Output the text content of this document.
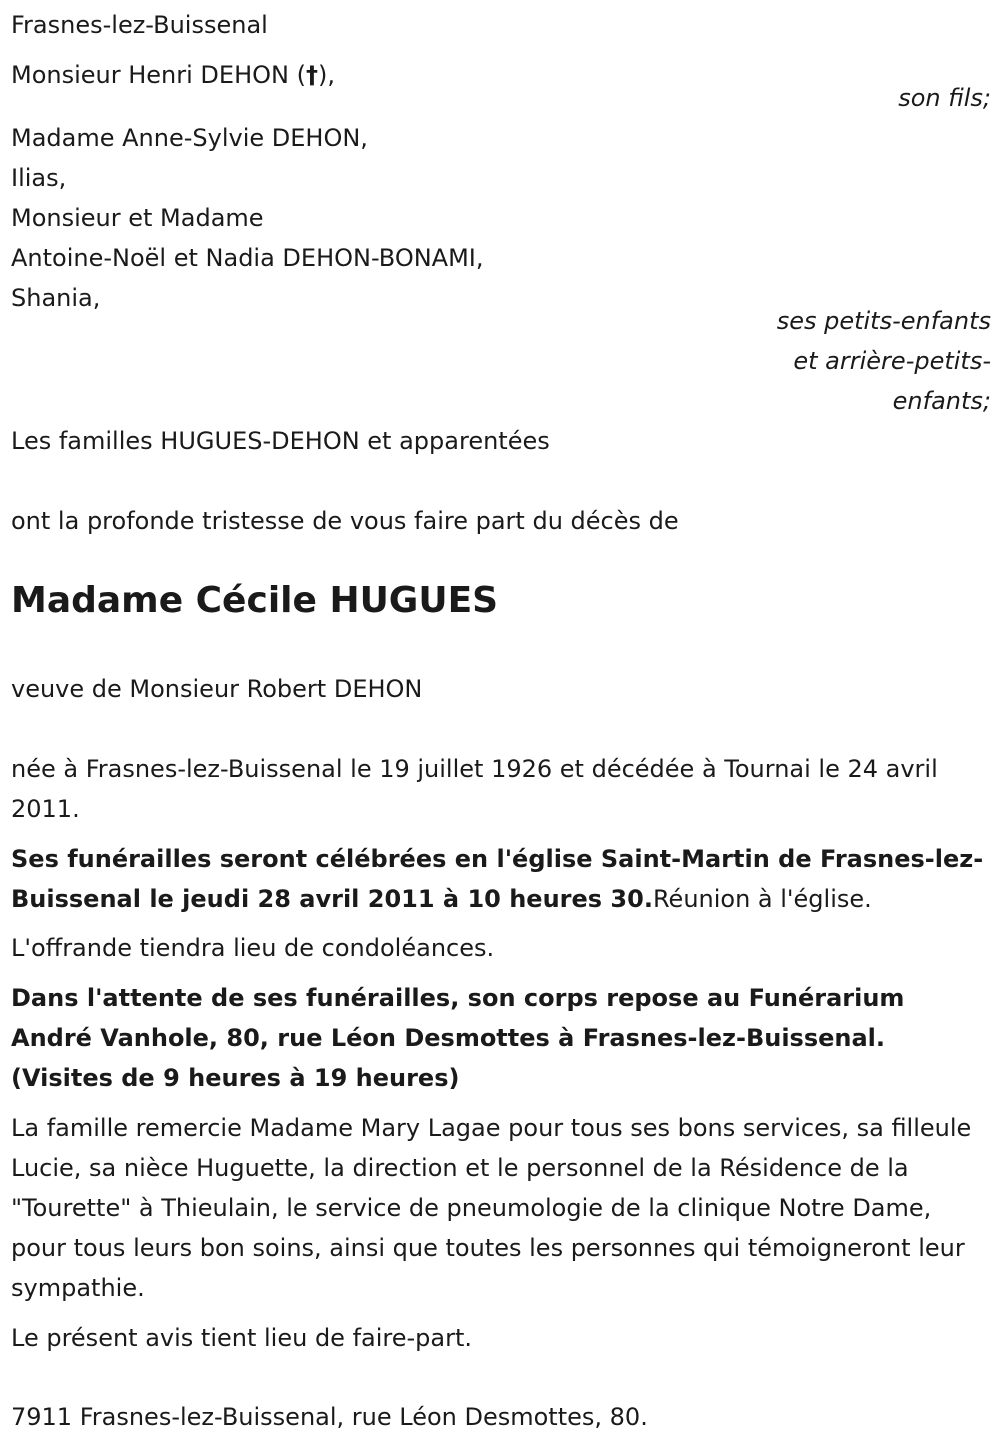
Frasnes-lez-Buissenal
Monsieur Henri DEHON (†),
son fils;
Madame Anne-Sylvie DEHON,
Ilias,
Monsieur et Madame
Antoine-Noël et Nadia DEHON-BONAMI,
Shania,
ses petits-enfants
et arrière-petits-
enfants;
Les familles HUGUES-DEHON et apparentées
ont la profonde tristesse de vous faire part du décès de
Madame Cécile HUGUES
veuve de Monsieur Robert DEHON
née à Frasnes-lez-Buissenal le 19 juillet 1926 et décédée à Tournai le 24 avril 2011.
Ses funérailles seront célébrées en l'église Saint-Martin de Frasnes-lez-Buissenal le jeudi 28 avril 2011 à 10 heures 30.Réunion à l'église.
L'offrande tiendra lieu de condoléances.
Dans l'attente de ses funérailles, son corps repose au Funérarium André Vanhole, 80, rue Léon Desmottes à Frasnes-lez-Buissenal. (Visites de 9 heures à 19 heures)
La famille remercie Madame Mary Lagae pour tous ses bons services, sa filleule Lucie, sa nièce Huguette, la direction et le personnel de la Résidence de la "Tourette" à Thieulain, le service de pneumologie de la clinique Notre Dame, pour tous leurs bon soins, ainsi que toutes les personnes qui témoigneront leur sympathie.
Le présent avis tient lieu de faire-part.
7911 Frasnes-lez-Buissenal, rue Léon Desmottes, 80.
